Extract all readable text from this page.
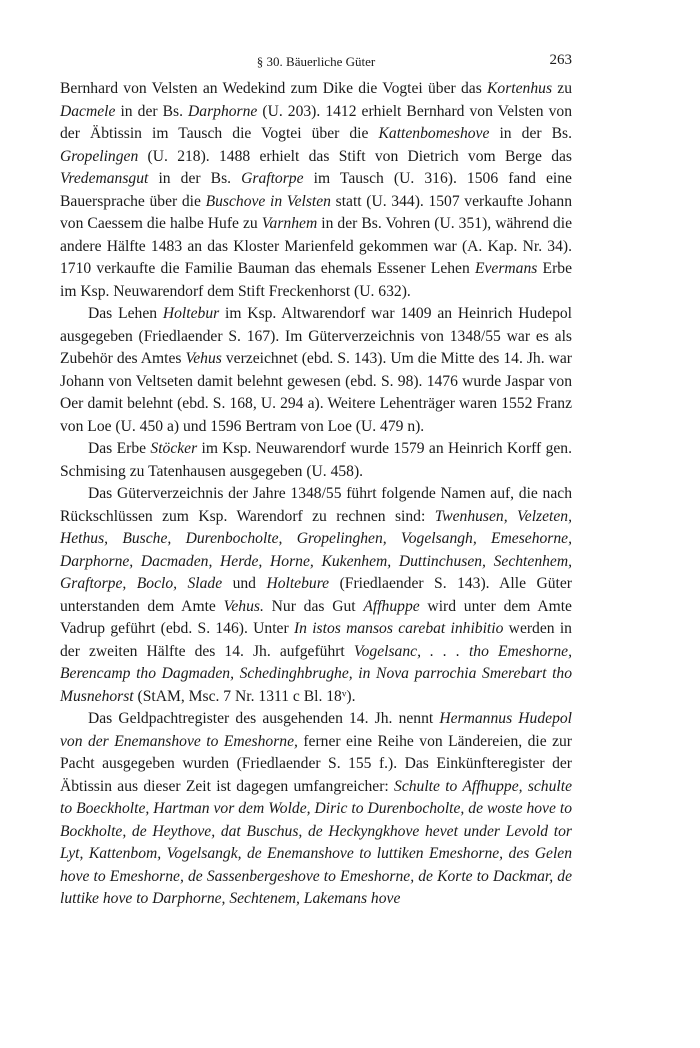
§ 30. Bäuerliche Güter	263

Bernhard von Velsten an Wedekind zum Dike die Vogtei über das Kortenhus zu Dacmele in der Bs. Darphorne (U. 203). 1412 erhielt Bernhard von Velsten von der Äbtissin im Tausch die Vogtei über die Kattenbomeshove in der Bs. Gropelingen (U. 218). 1488 erhielt das Stift von Dietrich vom Berge das Vredemansgut in der Bs. Graftorpe im Tausch (U. 316). 1506 fand eine Bauersprache über die Buschove in Velsten statt (U. 344). 1507 verkaufte Johann von Caessem die halbe Hufe zu Varnhem in der Bs. Vohren (U. 351), während die andere Hälfte 1483 an das Kloster Marienfeld gekommen war (A. Kap. Nr. 34). 1710 verkaufte die Familie Bauman das ehemals Essener Lehen Evermans Erbe im Ksp. Neuwarendorf dem Stift Freckenhorst (U. 632).

Das Lehen Holtebur im Ksp. Altwarendorf war 1409 an Heinrich Hudepol ausgegeben (Friedlaender S. 167). Im Güterverzeichnis von 1348/55 war es als Zubehör des Amtes Vehus verzeichnet (ebd. S. 143). Um die Mitte des 14. Jh. war Johann von Veltseten damit belehnt gewesen (ebd. S. 98). 1476 wurde Jaspar von Oer damit belehnt (ebd. S. 168, U. 294 a). Weitere Lehenträger waren 1552 Franz von Loe (U. 450 a) und 1596 Bertram von Loe (U. 479 n).

Das Erbe Stöcker im Ksp. Neuwarendorf wurde 1579 an Heinrich Korff gen. Schmising zu Tatenhausen ausgegeben (U. 458).

Das Güterverzeichnis der Jahre 1348/55 führt folgende Namen auf, die nach Rückschlüssen zum Ksp. Warendorf zu rechnen sind: Twenhusen, Velzeten, Hethus, Busche, Durenbocholte, Gropelinghen, Vogelsangh, Emesehorne, Darphorne, Dacmaden, Herde, Horne, Kukenhem, Duttinchusen, Sechtenhem, Graftorpe, Boclo, Slade und Holtebure (Friedlaender S. 143). Alle Güter unterstanden dem Amte Vehus. Nur das Gut Affhuppe wird unter dem Amte Vadrup geführt (ebd. S. 146). Unter In istos mansos carebat inhibitio werden in der zweiten Hälfte des 14. Jh. aufgeführt Vogelsanc, . . . tho Emeshorne, Berencamp tho Dagmaden, Schedinghbrughe, in Nova parrochia Smerebart tho Musnehorst (StAM, Msc. 7 Nr. 1311 c Bl. 18ᵛ).

Das Geldpachtregister des ausgehenden 14. Jh. nennt Hermannus Hudepol von der Enemanshove to Emeshorne, ferner eine Reihe von Ländereien, die zur Pacht ausgegeben wurden (Friedlaender S. 155 f.). Das Einkünfteregister der Äbtissin aus dieser Zeit ist dagegen umfangreicher: Schulte to Affhuppe, schulte to Boeckholte, Hartman vor dem Wolde, Diric to Durenbocholte, de woste hove to Bockholte, de Heythove, dat Buschus, de Heckyngkhove hevet under Levold tor Lyt, Kattenbom, Vogelsangk, de Enemanshove to luttiken Emeshorne, des Gelen hove to Emeshorne, de Sassenbergeshove to Emeshorne, de Korte to Dackmar, de luttike hove to Darphorne, Sechtenem, Lakemans hove
